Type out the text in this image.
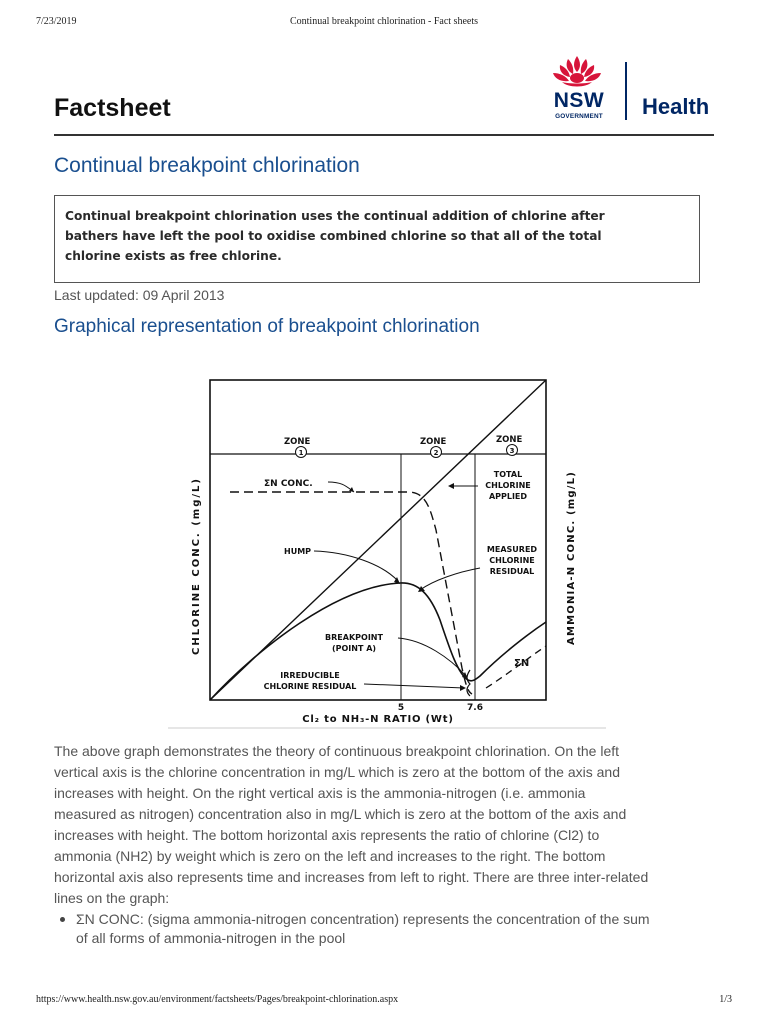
7/23/2019	Continual breakpoint chlorination - Fact sheets
NSW
GOVERNMENT	Health
Factsheet
Continual breakpoint chlorination
Continual breakpoint chlorination uses the continual addition of chlorine after
bathers have left the pool to oxidise combined chlorine so that all of the total
chlorine exists as free chlorine.
Last updated: 09 April 2013
Graphical representation of breakpoint chlorination
ZONE
1
ZONE
2
ZONE
3
CHLORINE CONC. (mg/L)	AMMONIA-N CONC. (mg/L)
ΣN CONC.
TOTAL
CHLORINE
APPLIED
MEASURED
CHLORINE
RESIDUAL
HUMP
BREAKPOINT
(POINT A)
IRREDUCIBLE
CHLORINE RESIDUAL
ΣN
5	7.6
Cl₂ to NH₃-N RATIO (Wt)
The above graph demonstrates the theory of continuous breakpoint chlorination. On the left
vertical axis is the chlorine concentration in mg/L which is zero at the bottom of the axis and
increases with height. On the right vertical axis is the ammonia-nitrogen (i.e. ammonia
measured as nitrogen) concentration also in mg/L which is zero at the bottom of the axis and
increases with height. The bottom horizontal axis represents the ratio of chlorine (Cl2) to
ammonia (NH2) by weight which is zero on the left and increases to the right. The bottom
horizontal axis also represents time and increases from left to right. There are three inter-related
lines on the graph:
ΣN CONC: (sigma ammonia-nitrogen concentration) represents the concentration of the sum
of all forms of ammonia-nitrogen in the pool
https://www.health.nsw.gov.au/environment/factsheets/Pages/breakpoint-chlorination.aspx	1/3
